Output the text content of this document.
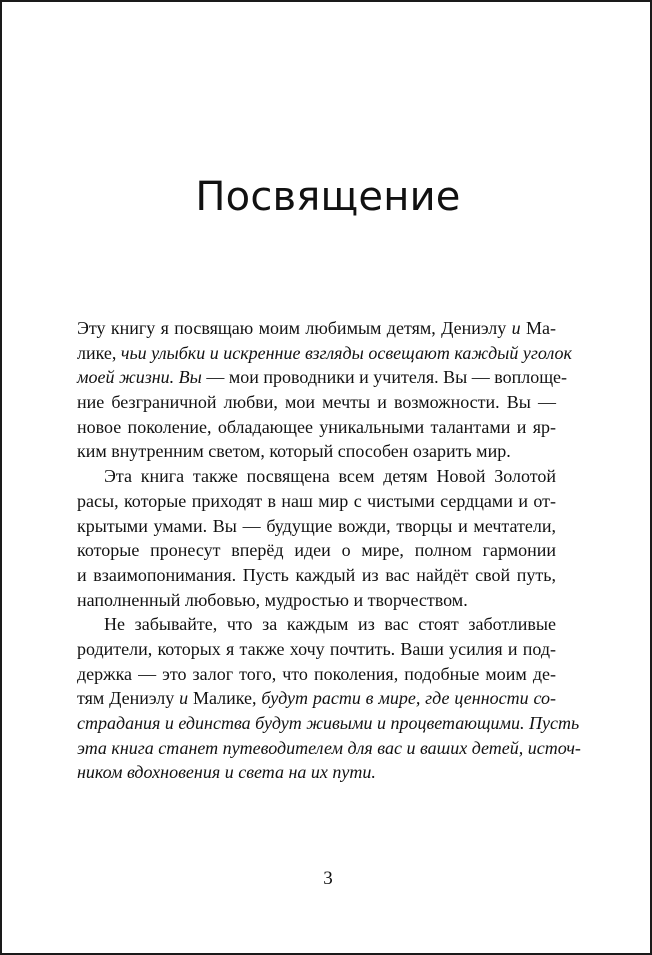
Посвящение
Эту книгу я посвящаю моим любимым детям, Дениэлу и Ма-
лике, чьи улыбки и искренние взгляды освещают каждый уголок
моей жизни. Вы — мои проводники и учителя. Вы — воплоще-
ние безграничной любви, мои мечты и возможности. Вы —
новое поколение, обладающее уникальными талантами и яр-
ким внутренним светом, который способен озарить мир.
Эта книга также посвящена всем детям Новой Золотой
расы, которые приходят в наш мир с чистыми сердцами и от-
крытыми умами. Вы — будущие вожди, творцы и мечтатели,
которые пронесут вперёд идеи о мире, полном гармонии
и взаимопонимания. Пусть каждый из вас найдёт свой путь,
наполненный любовью, мудростью и творчеством.
Не забывайте, что за каждым из вас стоят заботливые
родители, которых я также хочу почтить. Ваши усилия и под-
держка — это залог того, что поколения, подобные моим де-
тям Дениэлу и Малике, будут расти в мире, где ценности со-
страдания и единства будут живыми и процветающими. Пусть
эта книга станет путеводителем для вас и ваших детей, источ-
ником вдохновения и света на их пути.
3
